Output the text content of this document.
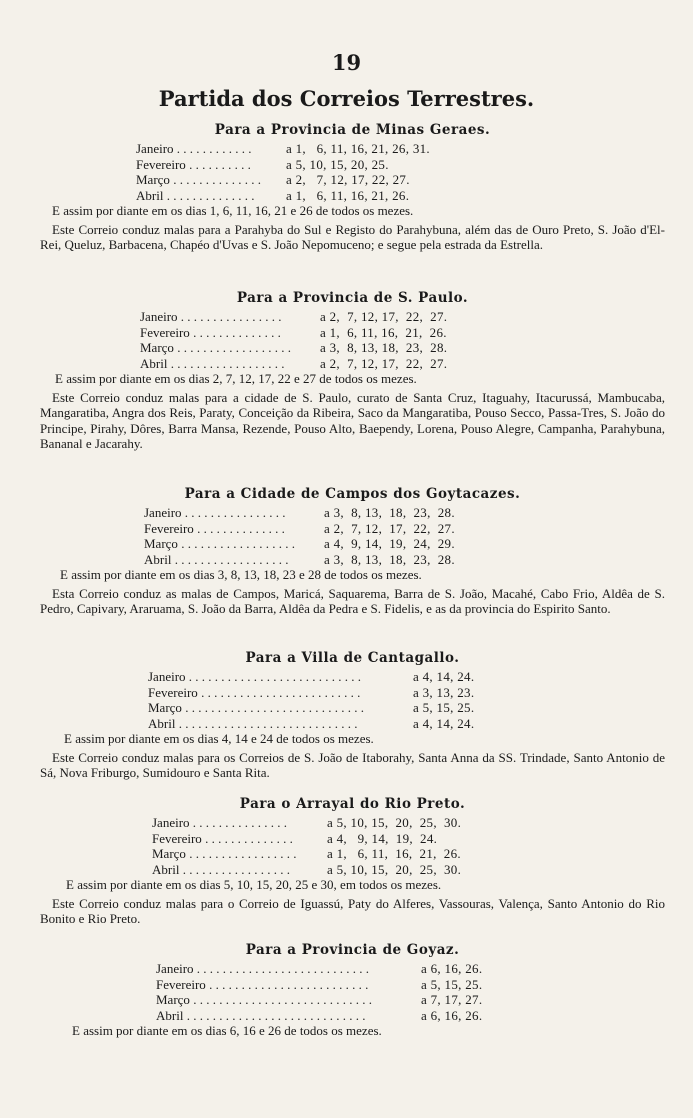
19
Partida dos Correios Terrestres.
Para a Provincia de Minas Geraes.
Janeiro . . . . . . . . . . . .	a 1,   6, 11, 16, 21, 26, 31.
Fevereiro . . . . . . . . . .	a 5, 10, 15, 20, 25.
Março . . . . . . . . . . . . . . a 2,   7, 12, 17, 22, 27.
Abril . . . . . . . . . . . . . . a 1,   6, 11, 16, 21, 26.
E assim por diante em os dias 1, 6, 11, 16, 21 e 26 de todos os mezes.
Este Correio conduz malas para a Parahyba do Sul e Registo do Parahybuna, além das de Ouro Preto, S. João d'El-Rei, Queluz, Barbacena, Chapéo d'Uvas e S. João Nepomuceno; e segue pela estrada da Estrella.
Para a Provincia de S. Paulo.
Janeiro . . . . . . . . . . . . . . . .	a 2,  7, 12, 17,  22,  27.
Fevereiro . . . . . . . . . . . . . .	a 1,  6, 11, 16,  21,  26.
Março . . . . . . . . . . . . . . . . . . a 3,  8, 13, 18,  23,  28.
Abril . . . . . . . . . . . . . . . . . .	a 2,  7, 12, 17,  22,  27.
E assim por diante em os dias 2, 7, 12, 17, 22 e 27 de todos os mezes.
Este Correio conduz malas para a cidade de S. Paulo, curato de Santa Cruz, Itaguahy, Itacurussá, Mambucaba, Mangaratiba, Angra dos Reis, Paraty, Conceição da Ribeira, Saco da Mangaratiba, Pouso Secco, Passa-Tres, S. João do Principe, Pirahy, Dôres, Barra Mansa, Rezende, Pouso Alto, Baependy, Lorena, Pouso Alegre, Campanha, Parahybuna, Bananal e Jacarahy.
Para a Cidade de Campos dos Goytacazes.
Janeiro . . . . . . . . . . . . . . . .	a 3,  8, 13,  18,  23,  28.
Fevereiro . . . . . . . . . . . . . .	a 2,  7, 12,  17,  22,  27.
Março . . . . . . . . . . . . . . . . . . a 4,  9, 14,  19,  24,  29.
Abril . . . . . . . . . . . . . . . . . .	a 3,  8, 13,  18,  23,  28.
E assim por diante em os dias 3, 8, 13, 18, 23 e 28 de todos os mezes.
Esta Correio conduz as malas de Campos, Maricá, Saquarema, Barra de S. João, Macahé, Cabo Frio, Aldêa de S. Pedro, Capivary, Araruama, S. João da Barra, Aldêa da Pedra e S. Fidelis, e as da provincia do Espirito Santo.
Para a Villa de Cantagallo.
Janeiro . . . . . . . . . . . . . . . . . . . . . . . . . . .	a 4, 14, 24.
Fevereiro . . . . . . . . . . . . . . . . . . . . . . . . .	a 3, 13, 23.
Março . . . . . . . . . . . . . . . . . . . . . . . . . . . .	a 5, 15, 25.
Abril . . . . . . . . . . . . . . . . . . . . . . . . . . . .	a 4, 14, 24.
E assim por diante em os dias 4, 14 e 24 de todos os mezes.
Este Correio conduz malas para os Correios de S. João de Itaborahy, Santa Anna da SS. Trindade, Santo Antonio de Sá, Nova Friburgo, Sumidouro e Santa Rita.
Para o Arrayal do Rio Preto.
Janeiro . . . . . . . . . . . . . . .	a 5, 10, 15,  20,  25,  30.
Fevereiro . . . . . . . . . . . . . .	a 4,   9, 14,  19,  24.
Março . . . . . . . . . . . . . . . . . a 1,   6, 11,  16,  21,  26.
Abril . . . . . . . . . . . . . . . . .	a 5, 10, 15,  20,  25,  30.
E assim por diante em os dias 5, 10, 15, 20, 25 e 30, em todos os mezes.
Este Correio conduz malas para o Correio de Iguassú, Paty do Alferes, Vassouras, Valença, Santo Antonio do Rio Bonito e Rio Preto.
Para a Provincia de Goyaz.
Janeiro . . . . . . . . . . . . . . . . . . . . . . . . . . .	a 6, 16, 26.
Fevereiro . . . . . . . . . . . . . . . . . . . . . . . . .	a 5, 15, 25.
Março . . . . . . . . . . . . . . . . . . . . . . . . . . . .	a 7, 17, 27.
Abril . . . . . . . . . . . . . . . . . . . . . . . . . . . .	a 6, 16, 26.
E assim por diante em os dias 6, 16 e 26 de todos os mezes.
